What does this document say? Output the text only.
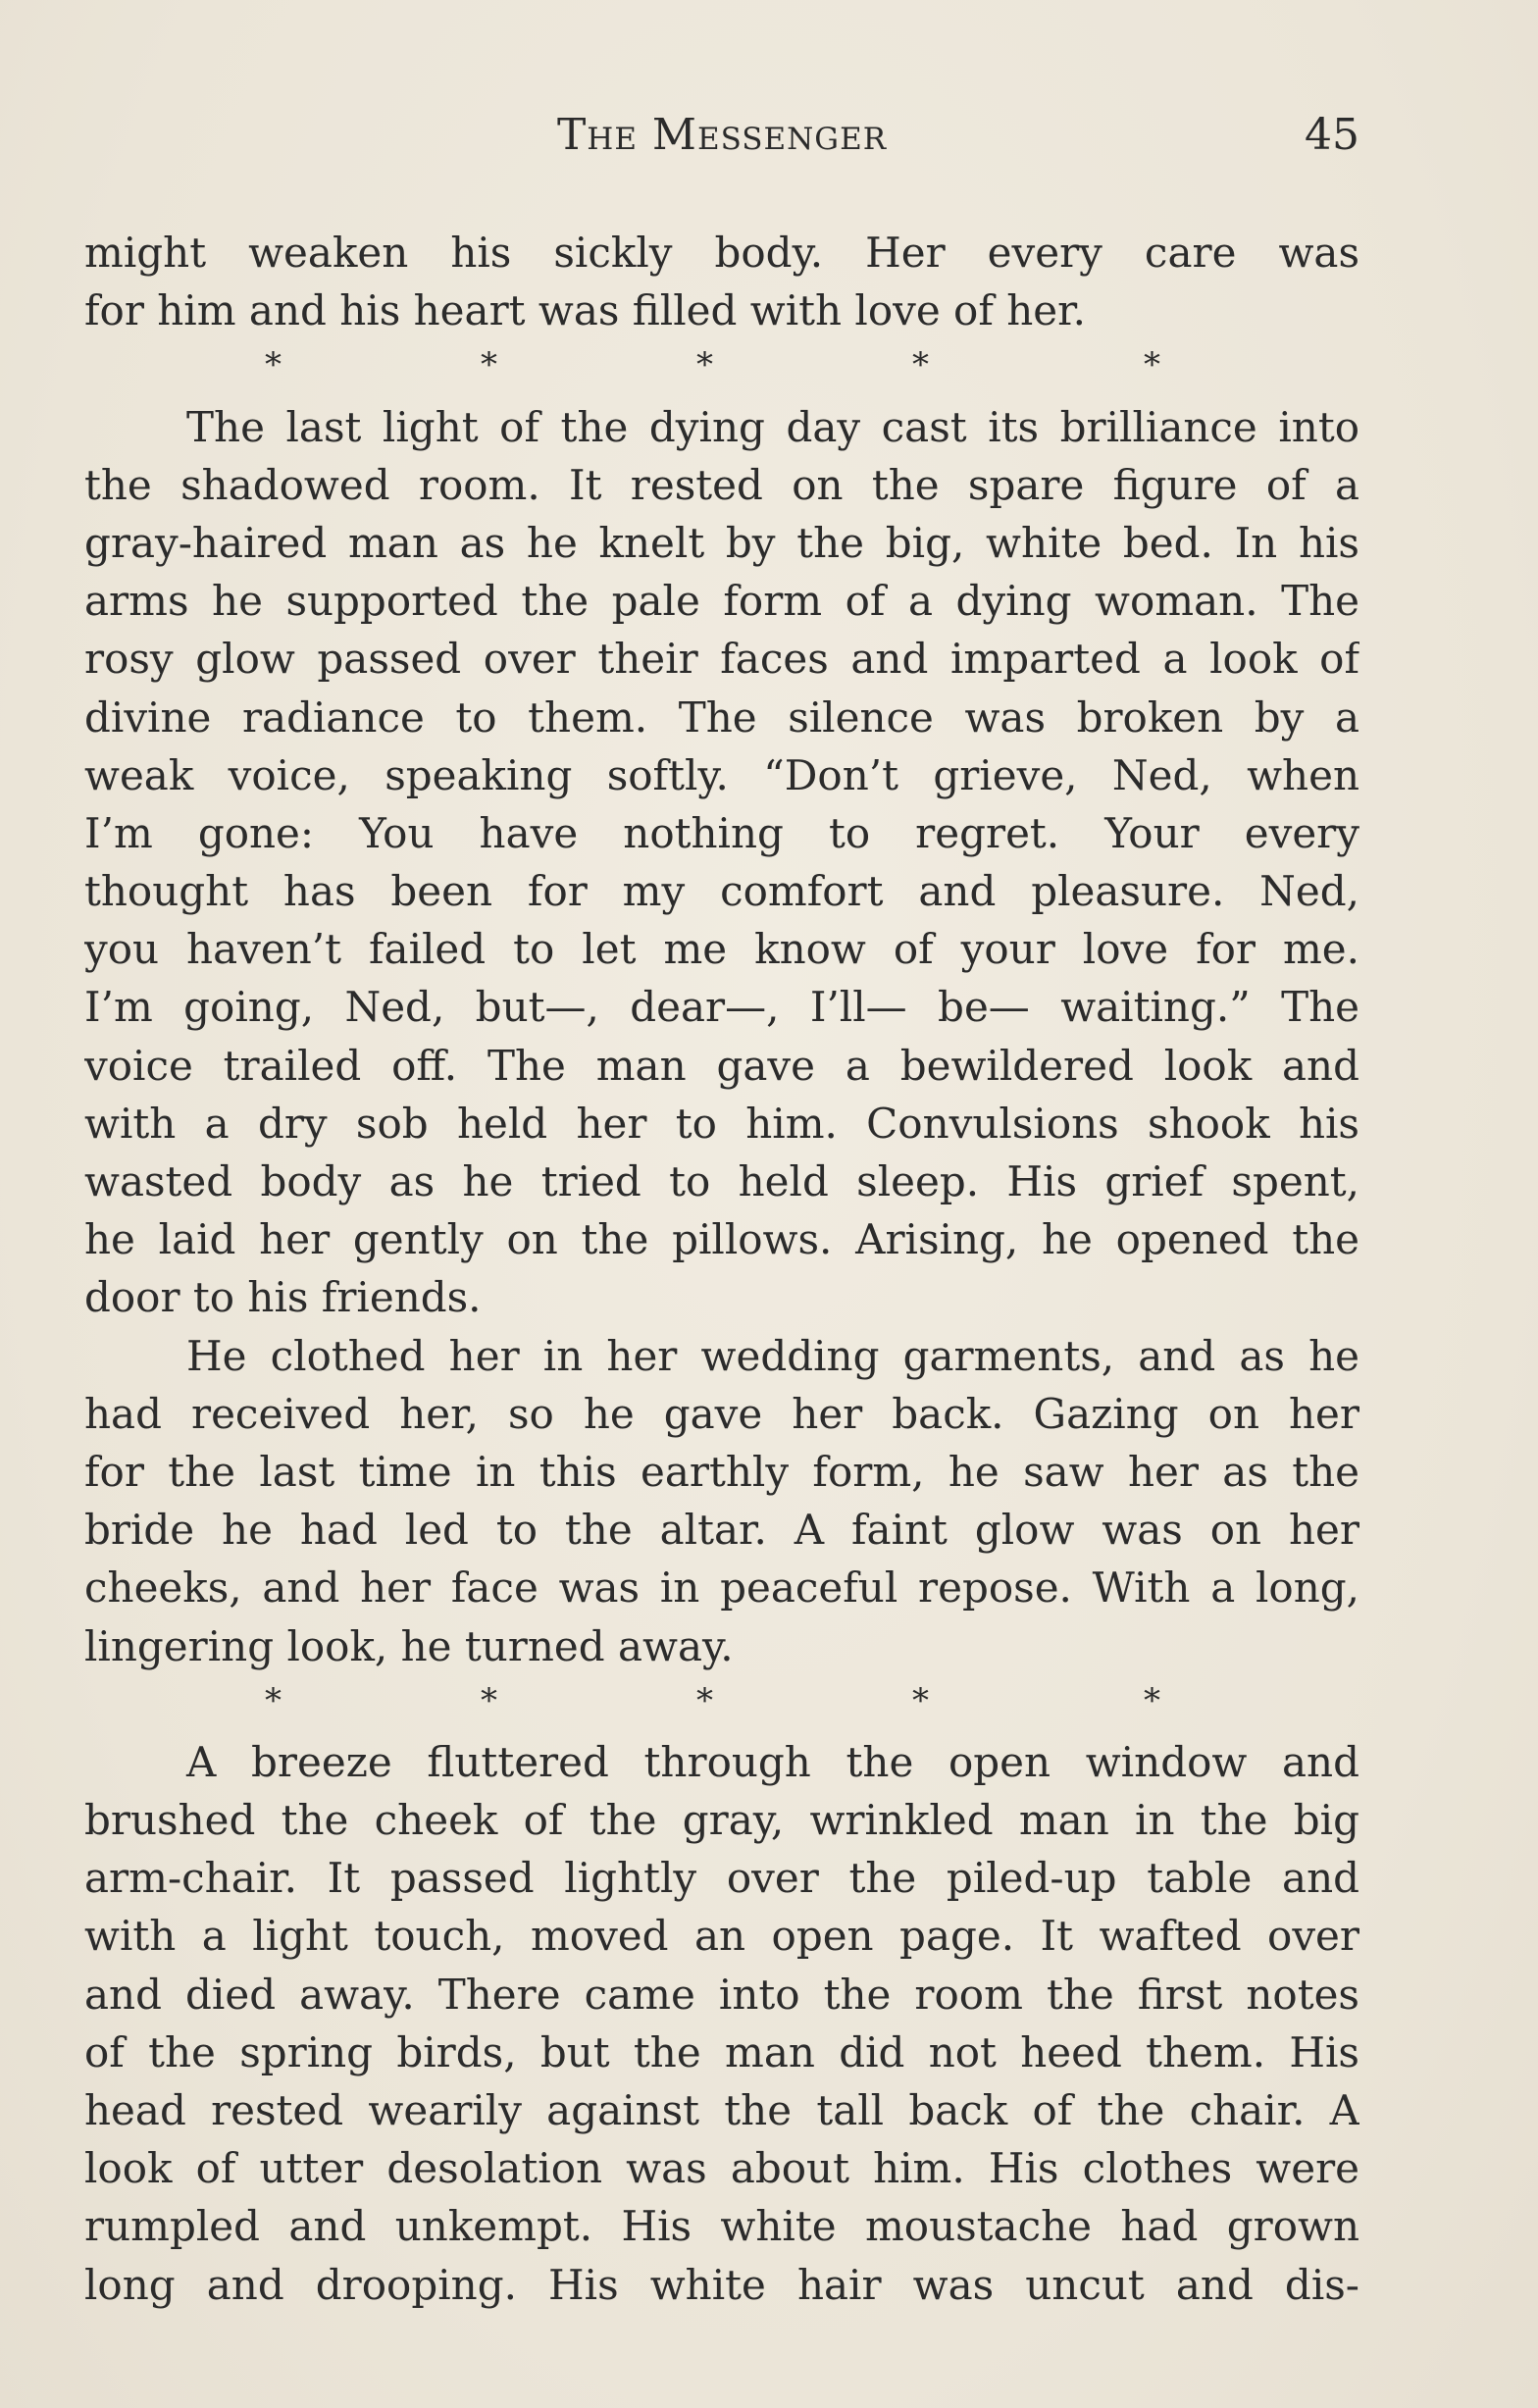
The Messenger	45
might weaken his sickly body. Her every care was
for him and his heart was filled with love of her.
*	*	*	*	*
The last light of the dying day cast its brilliance into
the shadowed room. It rested on the spare figure of a
gray-haired man as he knelt by the big, white bed. In his
arms he supported the pale form of a dying woman. The
rosy glow passed over their faces and imparted a look of
divine radiance to them. The silence was broken by a
weak voice, speaking softly. “Don’t grieve, Ned, when
I’m gone: You have nothing to regret. Your every
thought has been for my comfort and pleasure. Ned,
you haven’t failed to let me know of your love for me.
I’m going, Ned, but—, dear—, I’ll— be— waiting.” The
voice trailed off. The man gave a bewildered look and
with a dry sob held her to him. Convulsions shook his
wasted body as he tried to held sleep. His grief spent,
he laid her gently on the pillows. Arising, he opened the
door to his friends.
He clothed her in her wedding garments, and as he
had received her, so he gave her back. Gazing on her
for the last time in this earthly form, he saw her as the
bride he had led to the altar. A faint glow was on her
cheeks, and her face was in peaceful repose. With a long,
lingering look, he turned away.
*	*	*	*	*
A breeze fluttered through the open window and
brushed the cheek of the gray, wrinkled man in the big
arm-chair. It passed lightly over the piled-up table and
with a light touch, moved an open page. It wafted over
and died away. There came into the room the first notes
of the spring birds, but the man did not heed them. His
head rested wearily against the tall back of the chair. A
look of utter desolation was about him. His clothes were
rumpled and unkempt. His white moustache had grown
long and drooping. His white hair was uncut and dis-
